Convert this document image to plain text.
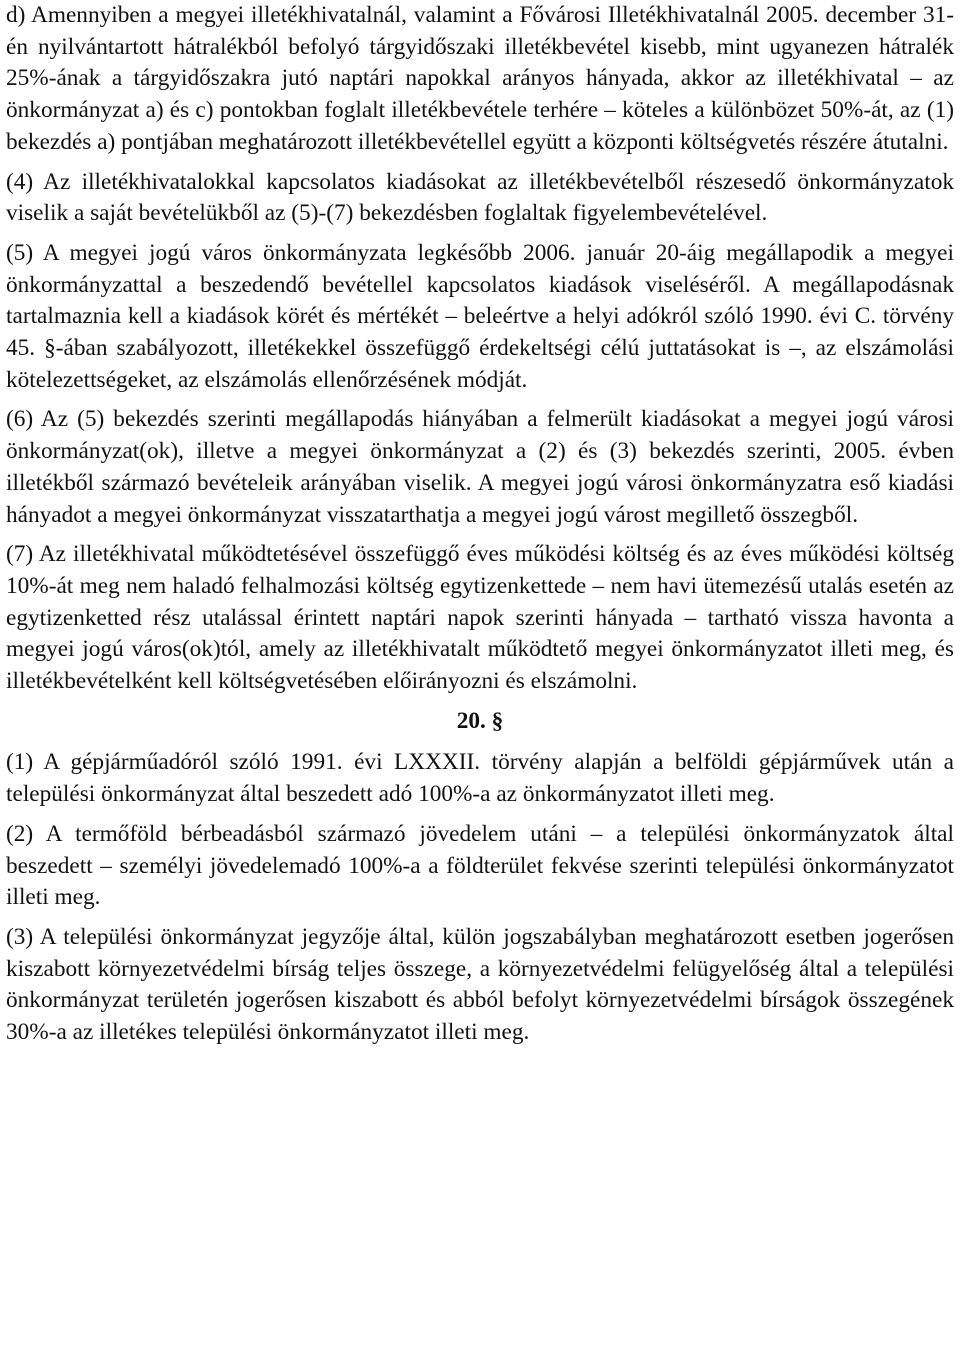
d) Amennyiben a megyei illetékhivatalnál, valamint a Fővárosi Illetékhivatalnál 2005. december 31-én nyilvántartott hátralékból befolyó tárgyidőszaki illetékbevétel kisebb, mint ugyanezen hátralék 25%-ának a tárgyidőszakra jutó naptári napokkal arányos hányada, akkor az illetékhivatal – az önkormányzat a) és c) pontokban foglalt illetékbevétele terhére – köteles a különbözet 50%-át, az (1) bekezdés a) pontjában meghatározott illetékbevétellel együtt a központi költségvetés részére átutalni.

(4) Az illetékhivatalokkal kapcsolatos kiadásokat az illetékbevételből részesedő önkormányzatok viselik a saját bevételükből az (5)-(7) bekezdésben foglaltak figyelembevételével.

(5) A megyei jogú város önkormányzata legkésőbb 2006. január 20-áig megállapodik a megyei önkormányzattal a beszedendő bevétellel kapcsolatos kiadások viseléséről. A megállapodásnak tartalmaznia kell a kiadások körét és mértékét – beleértve a helyi adókról szóló 1990. évi C. törvény 45. §-ában szabályozott, illetékekkel összefüggő érdekeltségi célú juttatásokat is –, az elszámolási kötelezettségeket, az elszámolás ellenőrzésének módját.

(6) Az (5) bekezdés szerinti megállapodás hiányában a felmerült kiadásokat a megyei jogú városi önkormányzat(ok), illetve a megyei önkormányzat a (2) és (3) bekezdés szerinti, 2005. évben illetékből származó bevételeik arányában viselik. A megyei jogú városi önkormányzatra eső kiadási hányadot a megyei önkormányzat visszatarthatja a megyei jogú várost megillető összegből.

(7) Az illetékhivatal működtetésével összefüggő éves működési költség és az éves működési költség 10%-át meg nem haladó felhalmozási költség egytizenkettede – nem havi ütemezésű utalás esetén az egytizenketted rész utalással érintett naptári napok szerinti hányada – tartható vissza havonta a megyei jogú város(ok)tól, amely az illetékhivatalt működtető megyei önkormányzatot illeti meg, és illetékbevételként kell költségvetésében előirányozni és elszámolni.

20. §

(1) A gépjárműadóról szóló 1991. évi LXXXII. törvény alapján a belföldi gépjárművek után a települési önkormányzat által beszedett adó 100%-a az önkormányzatot illeti meg.

(2) A termőföld bérbeadásból származó jövedelem utáni – a települési önkormányzatok által beszedett – személyi jövedelemadó 100%-a a földterület fekvése szerinti települési önkormányzatot illeti meg.

(3) A települési önkormányzat jegyzője által, külön jogszabályban meghatározott esetben jogerősen kiszabott környezetvédelmi bírság teljes összege, a környezetvédelmi felügyelőség által a települési önkormányzat területén jogerősen kiszabott és abból befolyt környezetvédelmi bírságok összegének 30%-a az illetékes települési önkormányzatot illeti meg.
